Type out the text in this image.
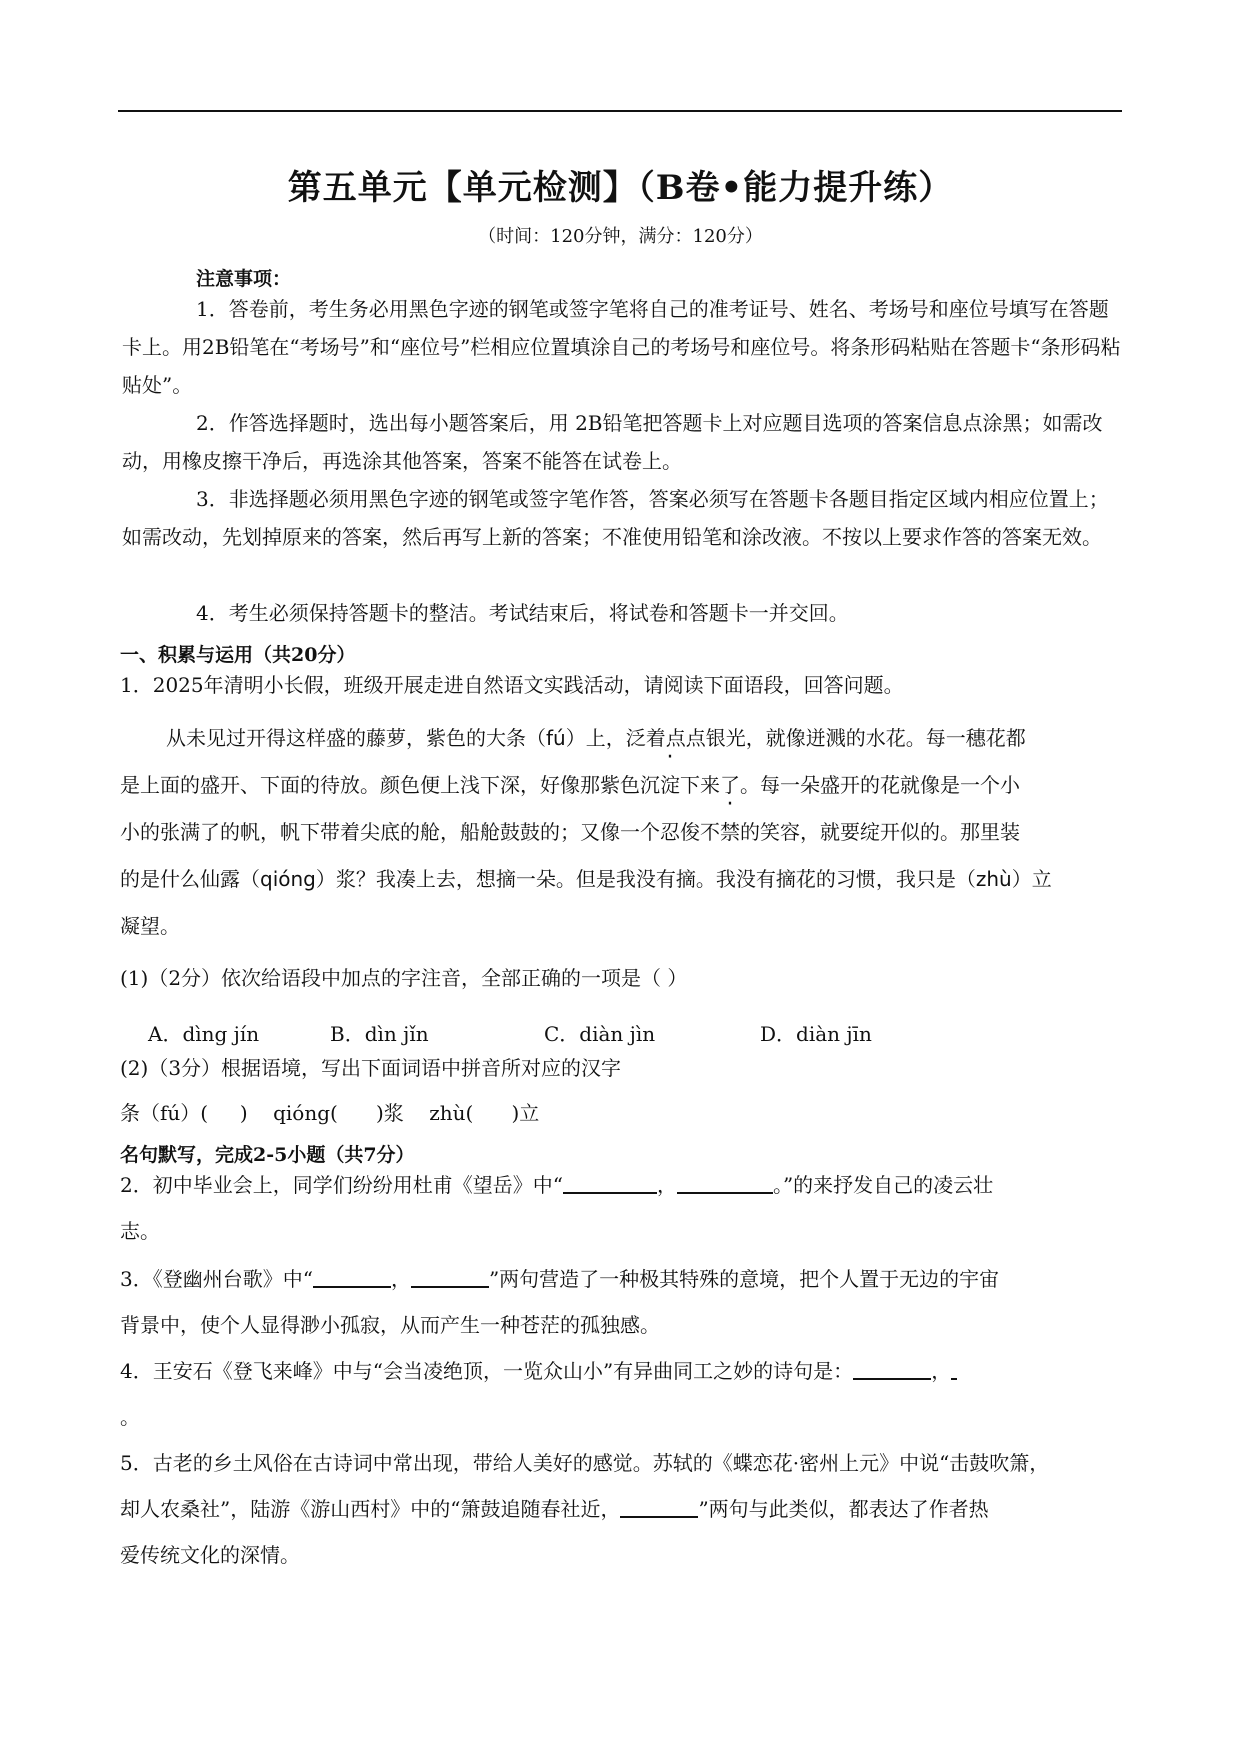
第五单元【单元检测】（B卷•能力提升练）
（时间：120分钟，满分：120分）
注意事项：
1．答卷前，考生务必用黑色字迹的钢笔或签字笔将自己的准考证号、姓名、考场号和座位号填写在答题卡上。用2B铅笔在“考场号”和“座位号”栏相应位置填涂自己的考场号和座位号。将条形码粘贴在答题卡“条形码粘贴处”。
2．作答选择题时，选出每小题答案后，用 2B铅笔把答题卡上对应题目选项的答案信息点涂黑；如需改动，用橡皮擦干净后，再选涂其他答案，答案不能答在试卷上。
3．非选择题必须用黑色字迹的钢笔或签字笔作答，答案必须写在答题卡各题目指定区域内相应位置上；如需改动，先划掉原来的答案，然后再写上新的答案；不准使用铅笔和涂改液。不按以上要求作答的答案无效。
4．考生必须保持答题卡的整洁。考试结束后，将试卷和答题卡一并交回。
一、积累与运用（共20分）
1．2025年清明小长假，班级开展走进自然语文实践活动，请阅读下面语段，回答问题。
从未见过开得这样盛的藤萝，紫色的大条（fú）上，泛着点点银光，就像迸溅的水花。每一穗花都
是上面的盛开、下面的待放。颜色便上浅下深，好像那紫色沉淀下来了。每一朵盛开的花就像是一个小
小的张满了的帆，帆下带着尖底的舱，船舱鼓鼓的；又像一个忍俊不禁的笑容，就要绽开似的。那里装
的是什么仙露（qióng）浆？我凑上去，想摘一朵。但是我没有摘。我没有摘花的习惯，我只是（zhù）立
凝望。
(1)（2分）依次给语段中加点的字注音，全部正确的一项是（ ）
A．dìng jín	B．dìn jǐn	C．diàn jìn	D．diàn jīn
(2)（3分）根据语境，写出下面词语中拼音所对应的汉字
条（fú）(     )    qióng(      )浆    zhù(      )立
名句默写，完成2-5小题（共7分）
2．初中毕业会上，同学们纷纷用杜甫《望岳》中“	，	。”的来抒发自己的凌云壮
志。
3．《登幽州台歌》中“	，	”两句营造了一种极其特殊的意境，把个人置于无边的宇宙
背景中，使个人显得渺小孤寂，从而产生一种苍茫的孤独感。
4．王安石《登飞来峰》中与“会当凌绝顶，一览众山小”有异曲同工之妙的诗句是：	，
。
5．古老的乡土风俗在古诗词中常出现，带给人美好的感觉。苏轼的《蝶恋花·密州上元》中说“击鼓吹箫，
却人农桑社”，陆游《游山西村》中的“箫鼓追随春社近，	”两句与此类似，都表达了作者热
爱传统文化的深情。
